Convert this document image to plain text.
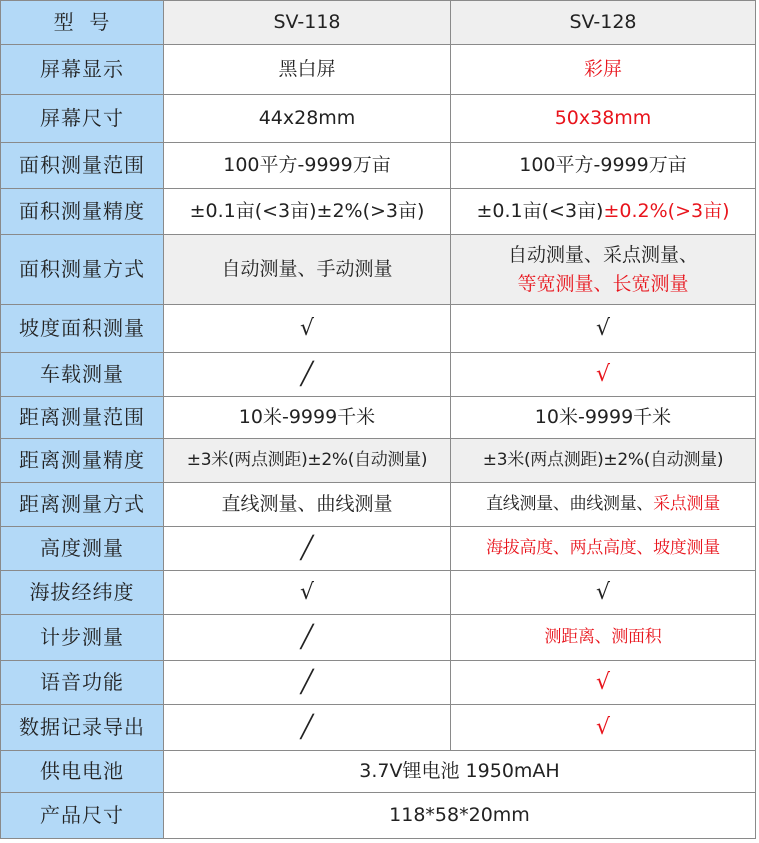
型  号	SV-118	SV-128
屏幕显示	黑白屏	彩屏
屏幕尺寸	44x28mm	50x38mm
面积测量范围	100平方-9999万亩	100平方-9999万亩
面积测量精度	±0.1亩(<3亩)±2%(>3亩)	±0.1亩(<3亩)±0.2%(>3亩)
面积测量方式	自动测量、手动测量	自动测量、采点测量、
等宽测量、长宽测量

坡度面积测量	√	√
车载测量	╱	√
距离测量范围	10米-9999千米	10米-9999千米
距离测量精度	±3米(两点测距)±2%(自动测量)	±3米(两点测距)±2%(自动测量)
距离测量方式	直线测量、曲线测量	直线测量、曲线测量、采点测量
高度测量	╱	海拔高度、两点高度、坡度测量
海拔经纬度	√	√
计步测量	╱	测距离、测面积
语音功能	╱	√
数据记录导出	╱	√
供电电池	3.7V锂电池 1950mAH	
产品尺寸	118*58*20mm	
